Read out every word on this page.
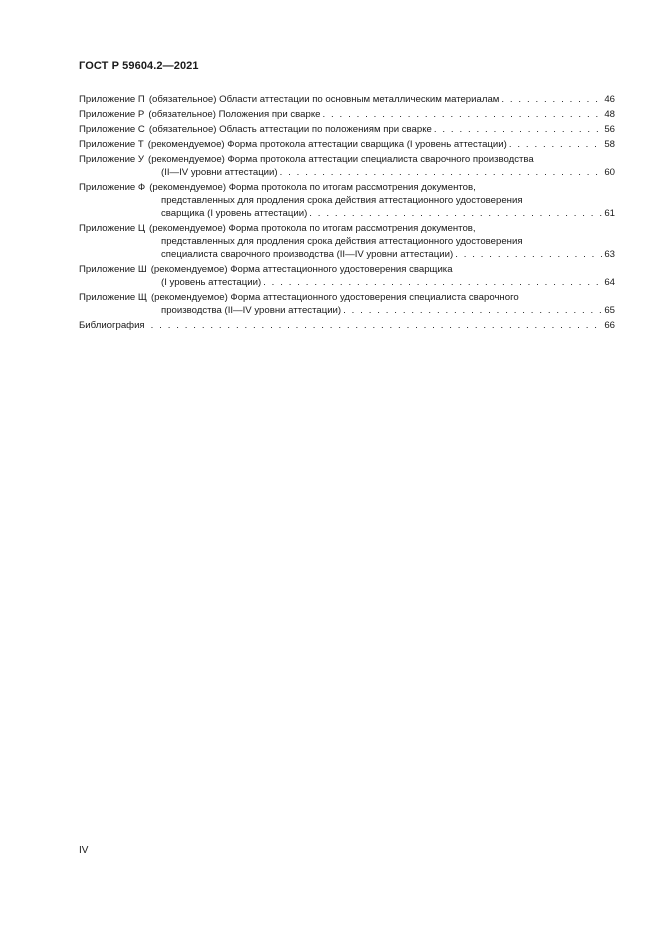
ГОСТ Р 59604.2—2021
Приложение П (обязательное) Области аттестации по основным металлическим материалам . . .	46
Приложение Р (обязательное) Положения при сварке . . .	48
Приложение С (обязательное) Область аттестации по положениям при сварке . . .	56
Приложение Т (рекомендуемое) Форма протокола аттестации сварщика (I уровень аттестации) . . .	58
Приложение У (рекомендуемое) Форма протокола аттестации специалиста сварочного производства
(II—IV уровни аттестации) . . .	60
Приложение Ф (рекомендуемое) Форма протокола по итогам рассмотрения документов,
представленных для продления срока действия аттестационного удостоверения
сварщика (I уровень аттестации) . . .	61
Приложение Ц (рекомендуемое) Форма протокола по итогам рассмотрения документов,
представленных для продления срока действия аттестационного удостоверения
специалиста сварочного производства (II—IV уровни аттестации) . . .	63
Приложение Ш (рекомендуемое) Форма аттестационного удостоверения сварщика
(I уровень аттестации) . . .	64
Приложение Щ (рекомендуемое) Форма аттестационного удостоверения специалиста сварочного
производства (II—IV уровни аттестации) . . .	65
Библиография . . .	66
IV
